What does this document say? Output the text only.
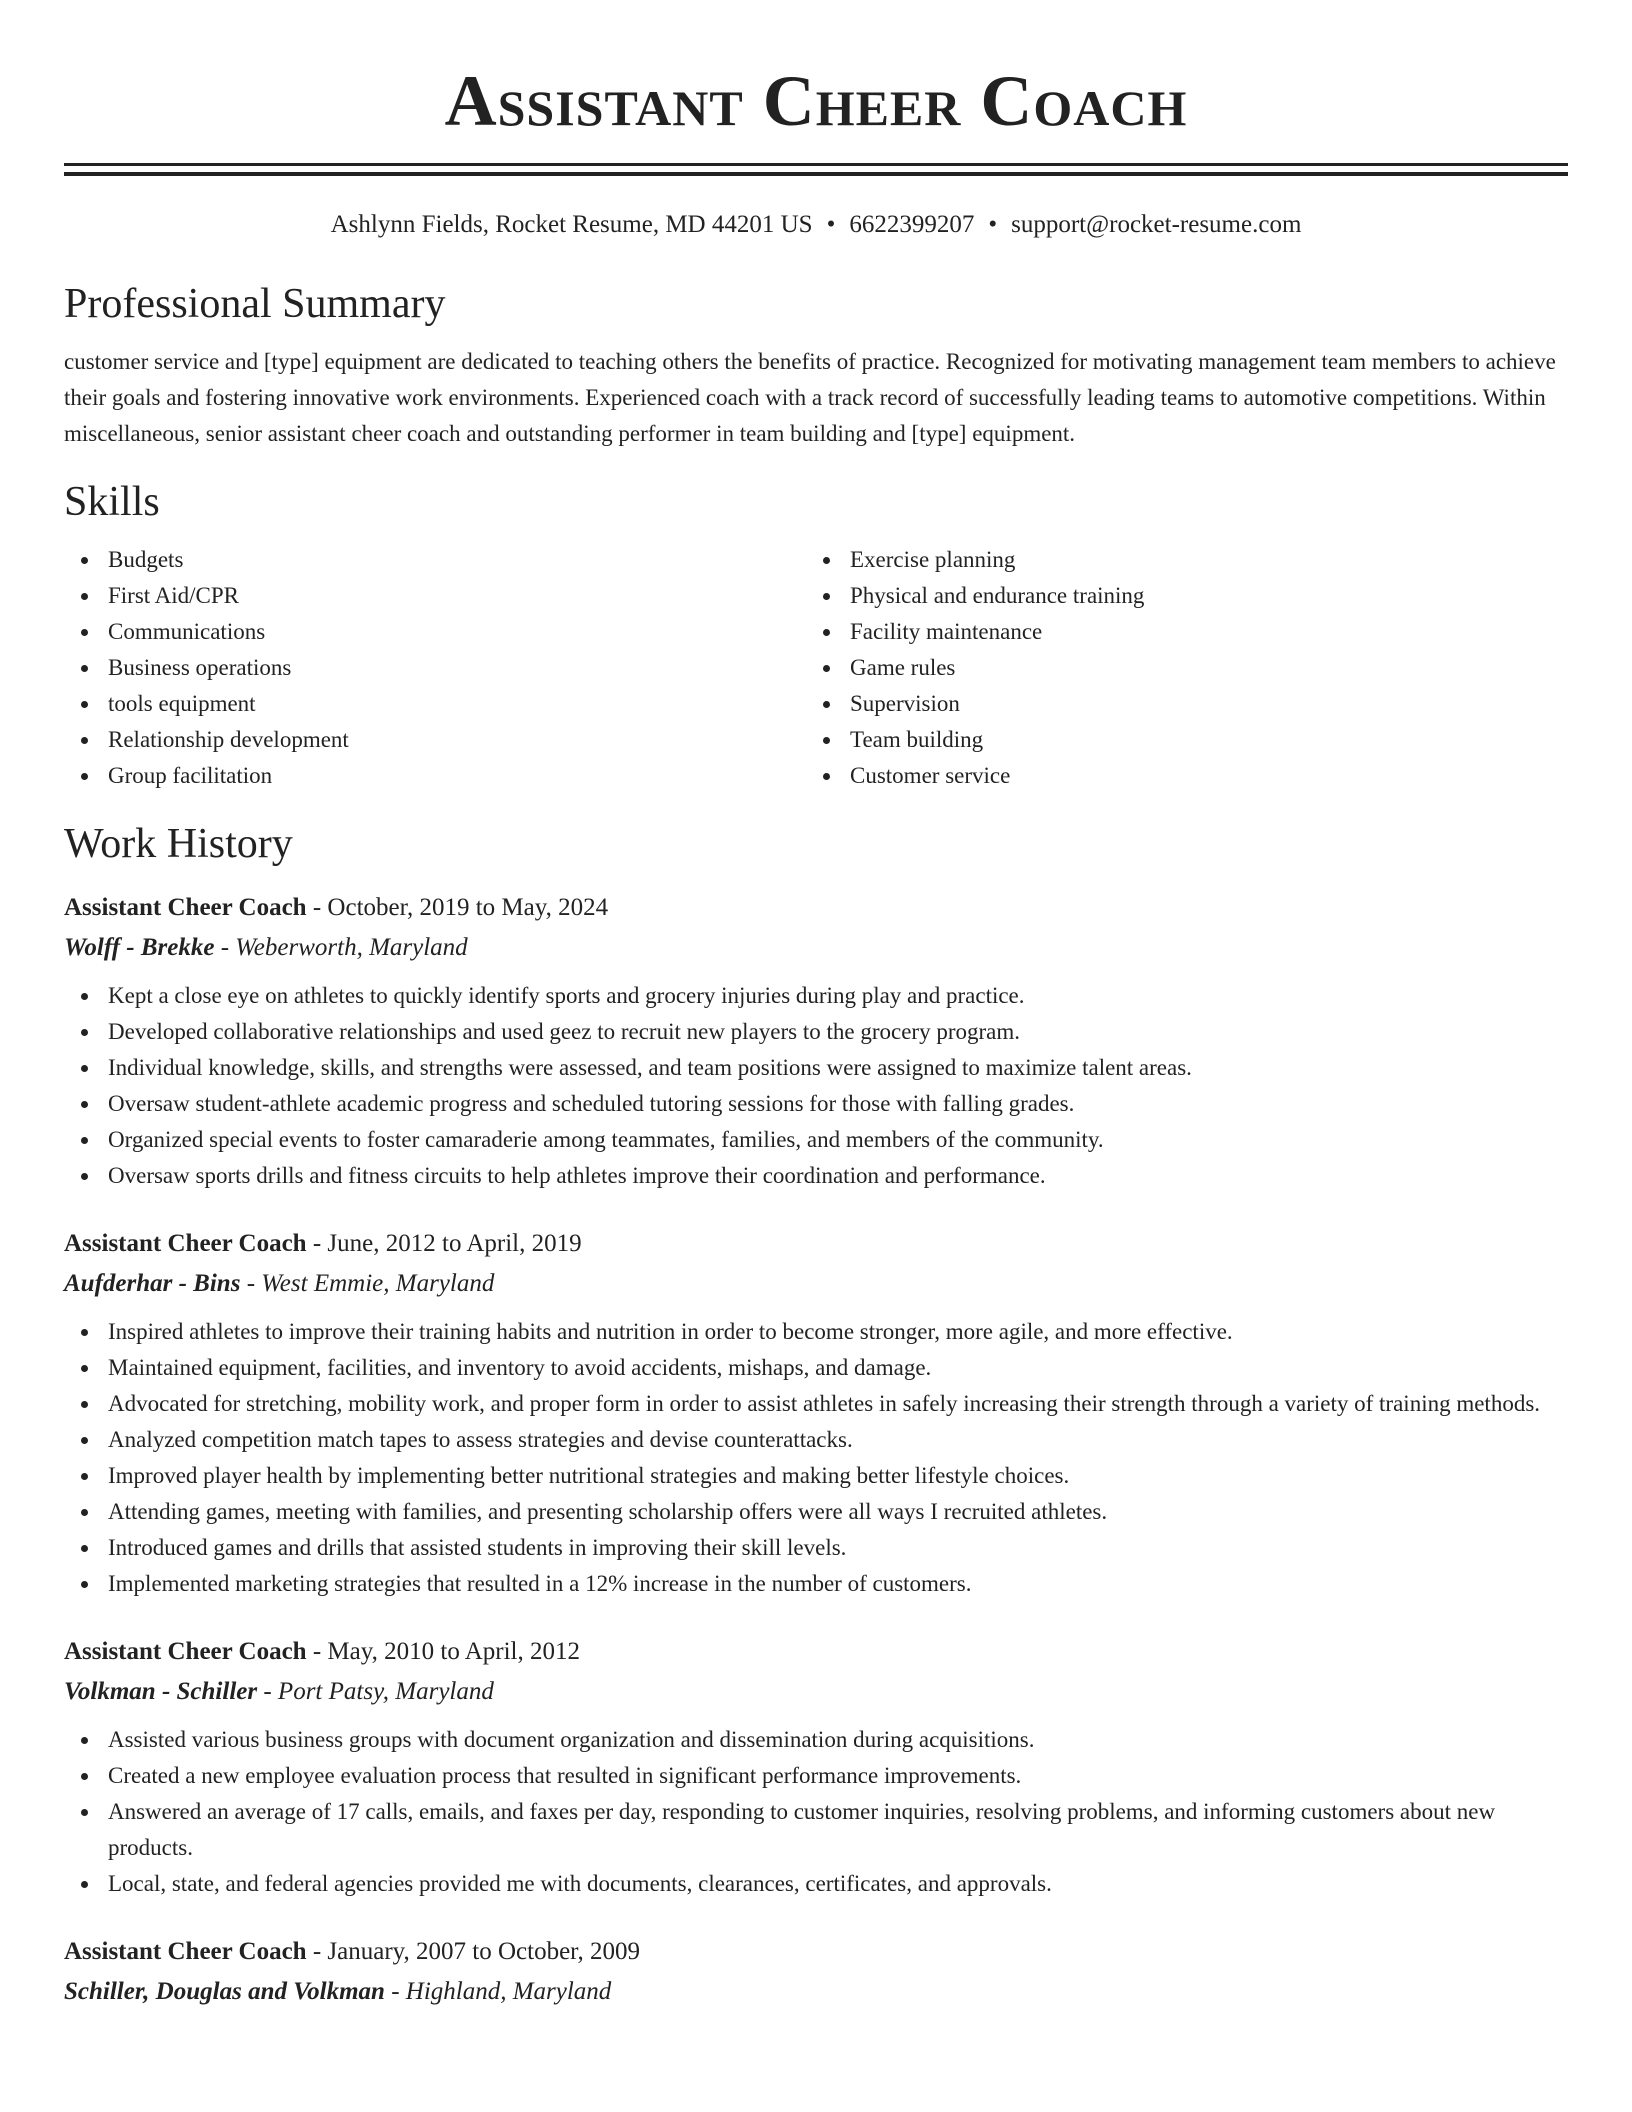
Assistant Cheer Coach
Ashlynn Fields, Rocket Resume, MD 44201 US • 6622399207 • support@rocket-resume.com
Professional Summary

customer service and [type] equipment are dedicated to teaching others the benefits of practice. Recognized for motivating management team members to achieve their goals and fostering innovative work environments. Experienced coach with a track record of successfully leading teams to automotive competitions. Within miscellaneous, senior assistant cheer coach and outstanding performer in team building and [type] equipment.

Skills
Budgets
First Aid/CPR
Communications
Business operations
tools equipment
Relationship development
Group facilitation
Exercise planning
Physical and endurance training
Facility maintenance
Game rules
Supervision
Team building
Customer service
Work History
Assistant Cheer Coach - October, 2019 to May, 2024
Wolff - Brekke - Weberworth, Maryland
Kept a close eye on athletes to quickly identify sports and grocery injuries during play and practice.
Developed collaborative relationships and used geez to recruit new players to the grocery program.
Individual knowledge, skills, and strengths were assessed, and team positions were assigned to maximize talent areas.
Oversaw student-athlete academic progress and scheduled tutoring sessions for those with falling grades.
Organized special events to foster camaraderie among teammates, families, and members of the community.
Oversaw sports drills and fitness circuits to help athletes improve their coordination and performance.
Assistant Cheer Coach - June, 2012 to April, 2019
Aufderhar - Bins - West Emmie, Maryland
Inspired athletes to improve their training habits and nutrition in order to become stronger, more agile, and more effective.
Maintained equipment, facilities, and inventory to avoid accidents, mishaps, and damage.
Advocated for stretching, mobility work, and proper form in order to assist athletes in safely increasing their strength through a variety of training methods.
Analyzed competition match tapes to assess strategies and devise counterattacks.
Improved player health by implementing better nutritional strategies and making better lifestyle choices.
Attending games, meeting with families, and presenting scholarship offers were all ways I recruited athletes.
Introduced games and drills that assisted students in improving their skill levels.
Implemented marketing strategies that resulted in a 12% increase in the number of customers.
Assistant Cheer Coach - May, 2010 to April, 2012
Volkman - Schiller - Port Patsy, Maryland
Assisted various business groups with document organization and dissemination during acquisitions.
Created a new employee evaluation process that resulted in significant performance improvements.
Answered an average of 17 calls, emails, and faxes per day, responding to customer inquiries, resolving problems, and informing customers about new products.
Local, state, and federal agencies provided me with documents, clearances, certificates, and approvals.
Assistant Cheer Coach - January, 2007 to October, 2009
Schiller, Douglas and Volkman - Highland, Maryland
